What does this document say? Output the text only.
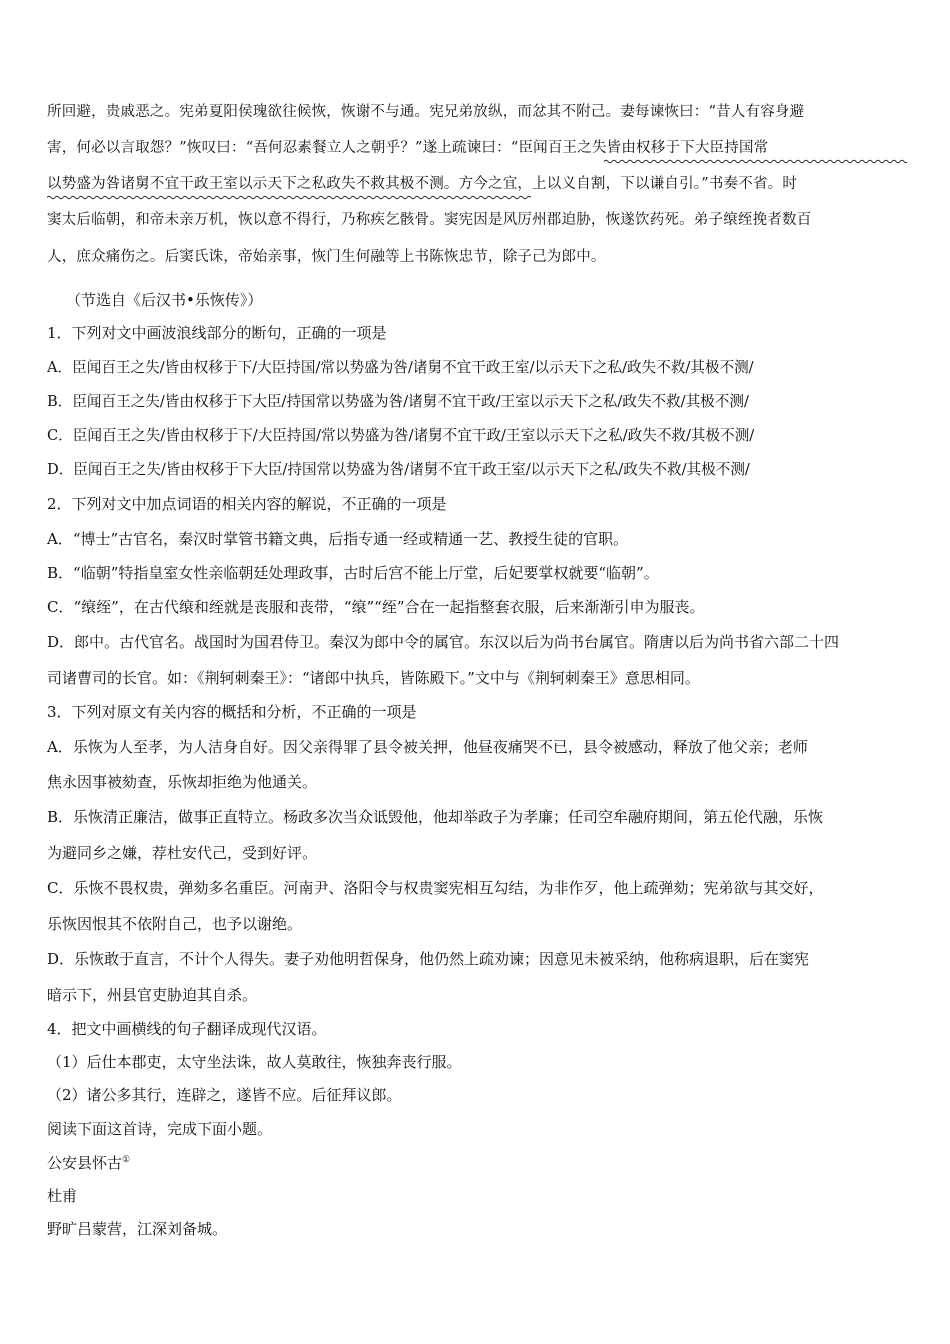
所回避，贵戚恶之。宪弟夏阳侯瑰欲往候恢，恢谢不与通。宪兄弟放纵，而忿其不附己。妻每谏恢曰：“昔人有容身避
害，何必以言取怨？”恢叹曰：“吾何忍素餐立人之朝乎？”遂上疏谏曰：“臣闻百王之失皆由权移于下大臣持国常
以势盛为咎诸舅不宜干政王室以示天下之私政失不救其极不测。方今之宜，上以义自割，下以谦自引。”书奏不省。时
窦太后临朝，和帝未亲万机，恢以意不得行，乃称疾乞骸骨。窦宪因是风厉州郡迫胁，恢遂饮药死。弟子缞绖挽者数百
人，庶众痛伤之。后窦氏诛，帝始亲事，恢门生何融等上书陈恢忠节，除子己为郎中。
（节选自《后汉书•乐恢传》）
1．下列对文中画波浪线部分的断句，正确的一项是
A．臣闻百王之失/皆由权移于下/大臣持国/常以势盛为咎/诸舅不宜干政王室/以示天下之私/政失不救/其极不测/
B．臣闻百王之失/皆由权移于下大臣/持国常以势盛为咎/诸舅不宜干政/王室以示天下之私/政失不救/其极不测/
C．臣闻百王之失/皆由权移于下/大臣持国/常以势盛为咎/诸舅不宜干政/王室以示天下之私/政失不救/其极不测/
D．臣闻百王之失/皆由权移于下大臣/持国常以势盛为咎/诸舅不宜干政王室/以示天下之私/政失不救/其极不测/
2．下列对文中加点词语的相关内容的解说，不正确的一项是
A．“博士”古官名，秦汉时掌管书籍文典，后指专通一经或精通一艺、教授生徒的官职。
B．“临朝”特指皇室女性亲临朝廷处理政事，古时后宫不能上厅堂，后妃要掌权就要“临朝”。
C．“缞绖”，在古代缞和绖就是丧服和丧带，“缞”“绖”合在一起指整套衣服，后来渐渐引申为服丧。
D．郎中。古代官名。战国时为国君侍卫。秦汉为郎中令的属官。东汉以后为尚书台属官。隋唐以后为尚书省六部二十四
司诸曹司的长官。如：《荆轲刺秦王》：“诸郎中执兵，皆陈殿下。”文中与《荆轲刺秦王》意思相同。
3．下列对原文有关内容的概括和分析，不正确的一项是
A．乐恢为人至孝，为人洁身自好。因父亲得罪了县令被关押，他昼夜痛哭不已，县令被感动，释放了他父亲；老师
焦永因事被劾查，乐恢却拒绝为他通关。
B．乐恢清正廉洁，做事正直特立。杨政多次当众诋毁他，他却举政子为孝廉；任司空牟融府期间，第五伦代融，乐恢
为避同乡之嫌，荐杜安代己，受到好评。
C．乐恢不畏权贵，弹劾多名重臣。河南尹、洛阳令与权贵窦宪相互勾结，为非作歹，他上疏弹劾；宪弟欲与其交好，
乐恢因恨其不依附自己，也予以谢绝。
D．乐恢敢于直言，不计个人得失。妻子劝他明哲保身，他仍然上疏劝谏；因意见未被采纳，他称病退职，后在窦宪
暗示下，州县官吏胁迫其自杀。
4．把文中画横线的句子翻译成现代汉语。
（1）后仕本郡吏，太守坐法诛，故人莫敢往，恢独奔丧行服。
（2）诸公多其行，连辟之，遂皆不应。后征拜议郎。
阅读下面这首诗，完成下面小题。
公安县怀古①
杜甫
野旷吕蒙营，江深刘备城。
